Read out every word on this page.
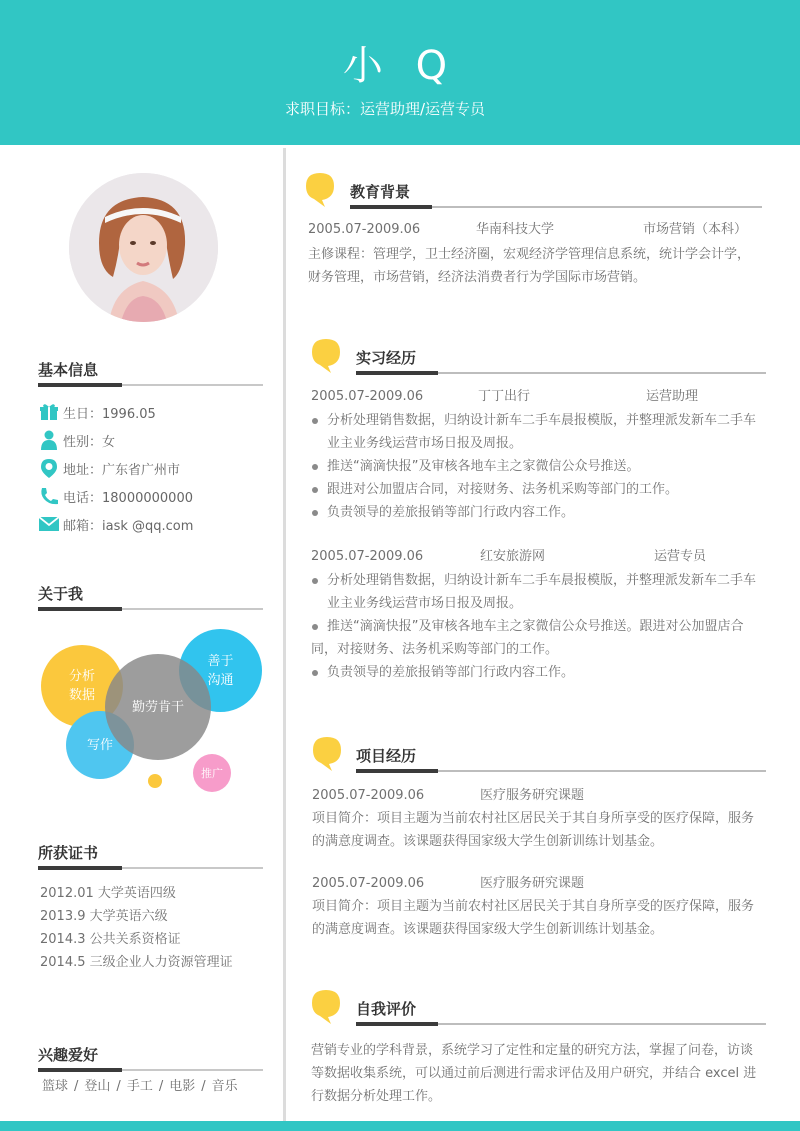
小 Q
求职目标：运营助理/运营专员
基本信息
生日：1996.05
性别：女
地址：广东省广州市
电话：18000000000
邮箱：iask @qq.com
关于我
分析
数据
善于
沟通
写作
勤劳肯干
推广
所获证书
2012.01 大学英语四级
2013.9 大学英语六级
2014.3 公共关系资格证
2014.5 三级企业人力资源管理证
兴趣爱好
篮球 / 登山 / 手工 / 电影 / 音乐
教育背景
2005.07-2009.06	华南科技大学	市场营销（本科）
主修课程：管理学，卫士经济圈，宏观经济学管理信息系统，统计学会计学，
财务管理，市场营销，经济法消费者行为学国际市场营销。
实习经历
2005.07-2009.06	丁丁出行	运营助理
分析处理销售数据，归纳设计新车二手车晨报模版，并整理派发新车二手车
业主业务线运营市场日报及周报。
推送“滴滴快报”及审核各地车主之家微信公众号推送。
跟进对公加盟店合同，对接财务、法务机采购等部门的工作。
负责领导的差旅报销等部门行政内容工作。
2005.07-2009.06	红安旅游网	运营专员
分析处理销售数据，归纳设计新车二手车晨报模版，并整理派发新车二手车
业主业务线运营市场日报及周报。
推送“滴滴快报”及审核各地车主之家微信公众号推送。跟进对公加盟店合
同，对接财务、法务机采购等部门的工作。
负责领导的差旅报销等部门行政内容工作。
项目经历
2005.07-2009.06	医疗服务研究课题
项目简介：项目主题为当前农村社区居民关于其自身所享受的医疗保障，服务
的满意度调查。该课题获得国家级大学生创新训练计划基金。
2005.07-2009.06	医疗服务研究课题
项目简介：项目主题为当前农村社区居民关于其自身所享受的医疗保障，服务
的满意度调查。该课题获得国家级大学生创新训练计划基金。
自我评价
营销专业的学科背景，系统学习了定性和定量的研究方法，掌握了问卷，访谈
等数据收集系统，可以通过前后测进行需求评估及用户研究，并结合 excel 进
行数据分析处理工作。
